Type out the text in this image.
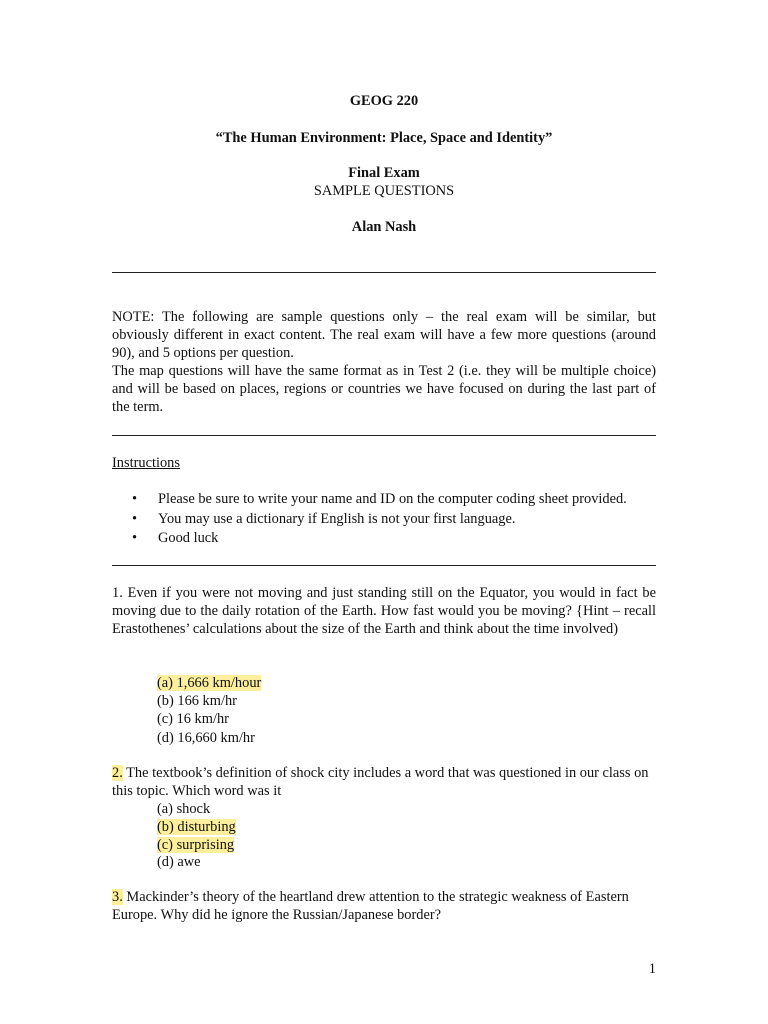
GEOG 220
“The Human Environment: Place, Space and Identity”
Final Exam
SAMPLE QUESTIONS
Alan Nash

NOTE: The following are sample questions only – the real exam will be similar, but obviously different in exact content. The real exam will have a few more questions (around 90), and 5 options per question.

The map questions will have the same format as in Test 2 (i.e. they will be multiple choice) and will be based on places, regions or countries we have focused on during the last part of the term.

Instructions
• Please be sure to write your name and ID on the computer coding sheet provided.
• You may use a dictionary if English is not your first language.
• Good luck
1. Even if you were not moving and just standing still on the Equator, you would in fact be moving due to the daily rotation of the Earth. How fast would you be moving? {Hint – recall Erastothenes’ calculations about the size of the Earth and think about the time involved)
(a) 1,666 km/hour
(b) 166 km/hr
(c) 16 km/hr
(d) 16,660 km/hr
2. The textbook’s definition of shock city includes a word that was questioned in our class on this topic. Which word was it
(a) shock
(b) disturbing
(c) surprising
(d) awe
3. Mackinder’s theory of the heartland drew attention to the strategic weakness of Eastern Europe. Why did he ignore the Russian/Japanese border?
1
